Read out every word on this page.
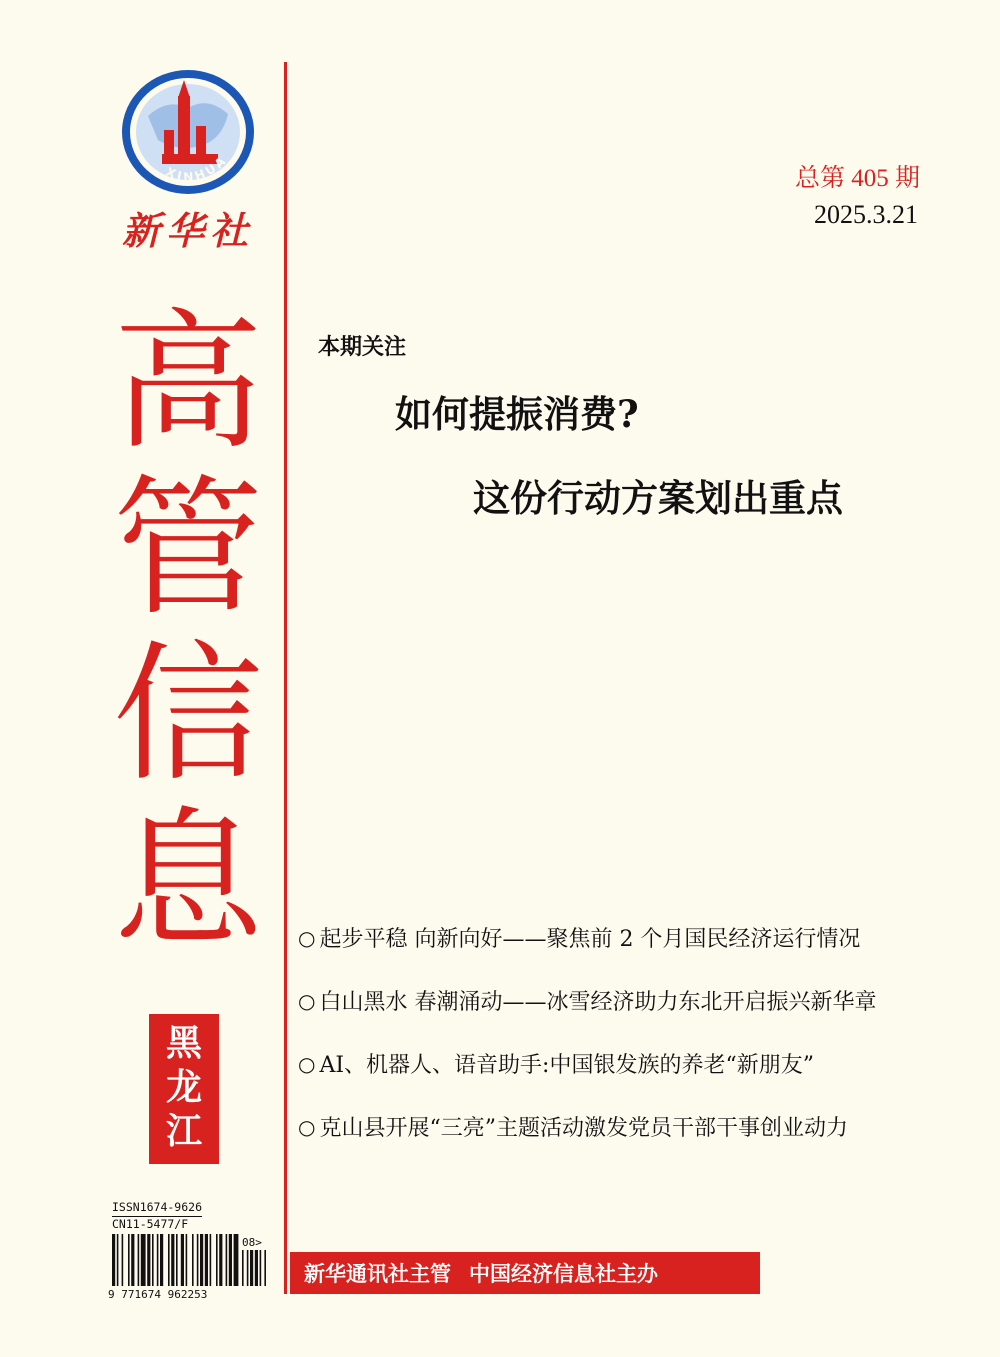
XINHUA
新华社
总第 405 期
2025.3.21
高
管
信
息
黑
龙
江
本期关注
如何提振消费?
这份行动方案划出重点
○ 起步平稳 向新向好——聚焦前 2 个月国民经济运行情况
○ 白山黑水 春潮涌动——冰雪经济助力东北开启振兴新华章
○ AI、机器人、语音助手:中国银发族的养老“新朋友”
○ 克山县开展“三亮”主题活动激发党员干部干事创业动力
ISSN1674-9626
CN11-5477/F
08>
9 771674 962253
新华通讯社主管 中国经济信息社主办
